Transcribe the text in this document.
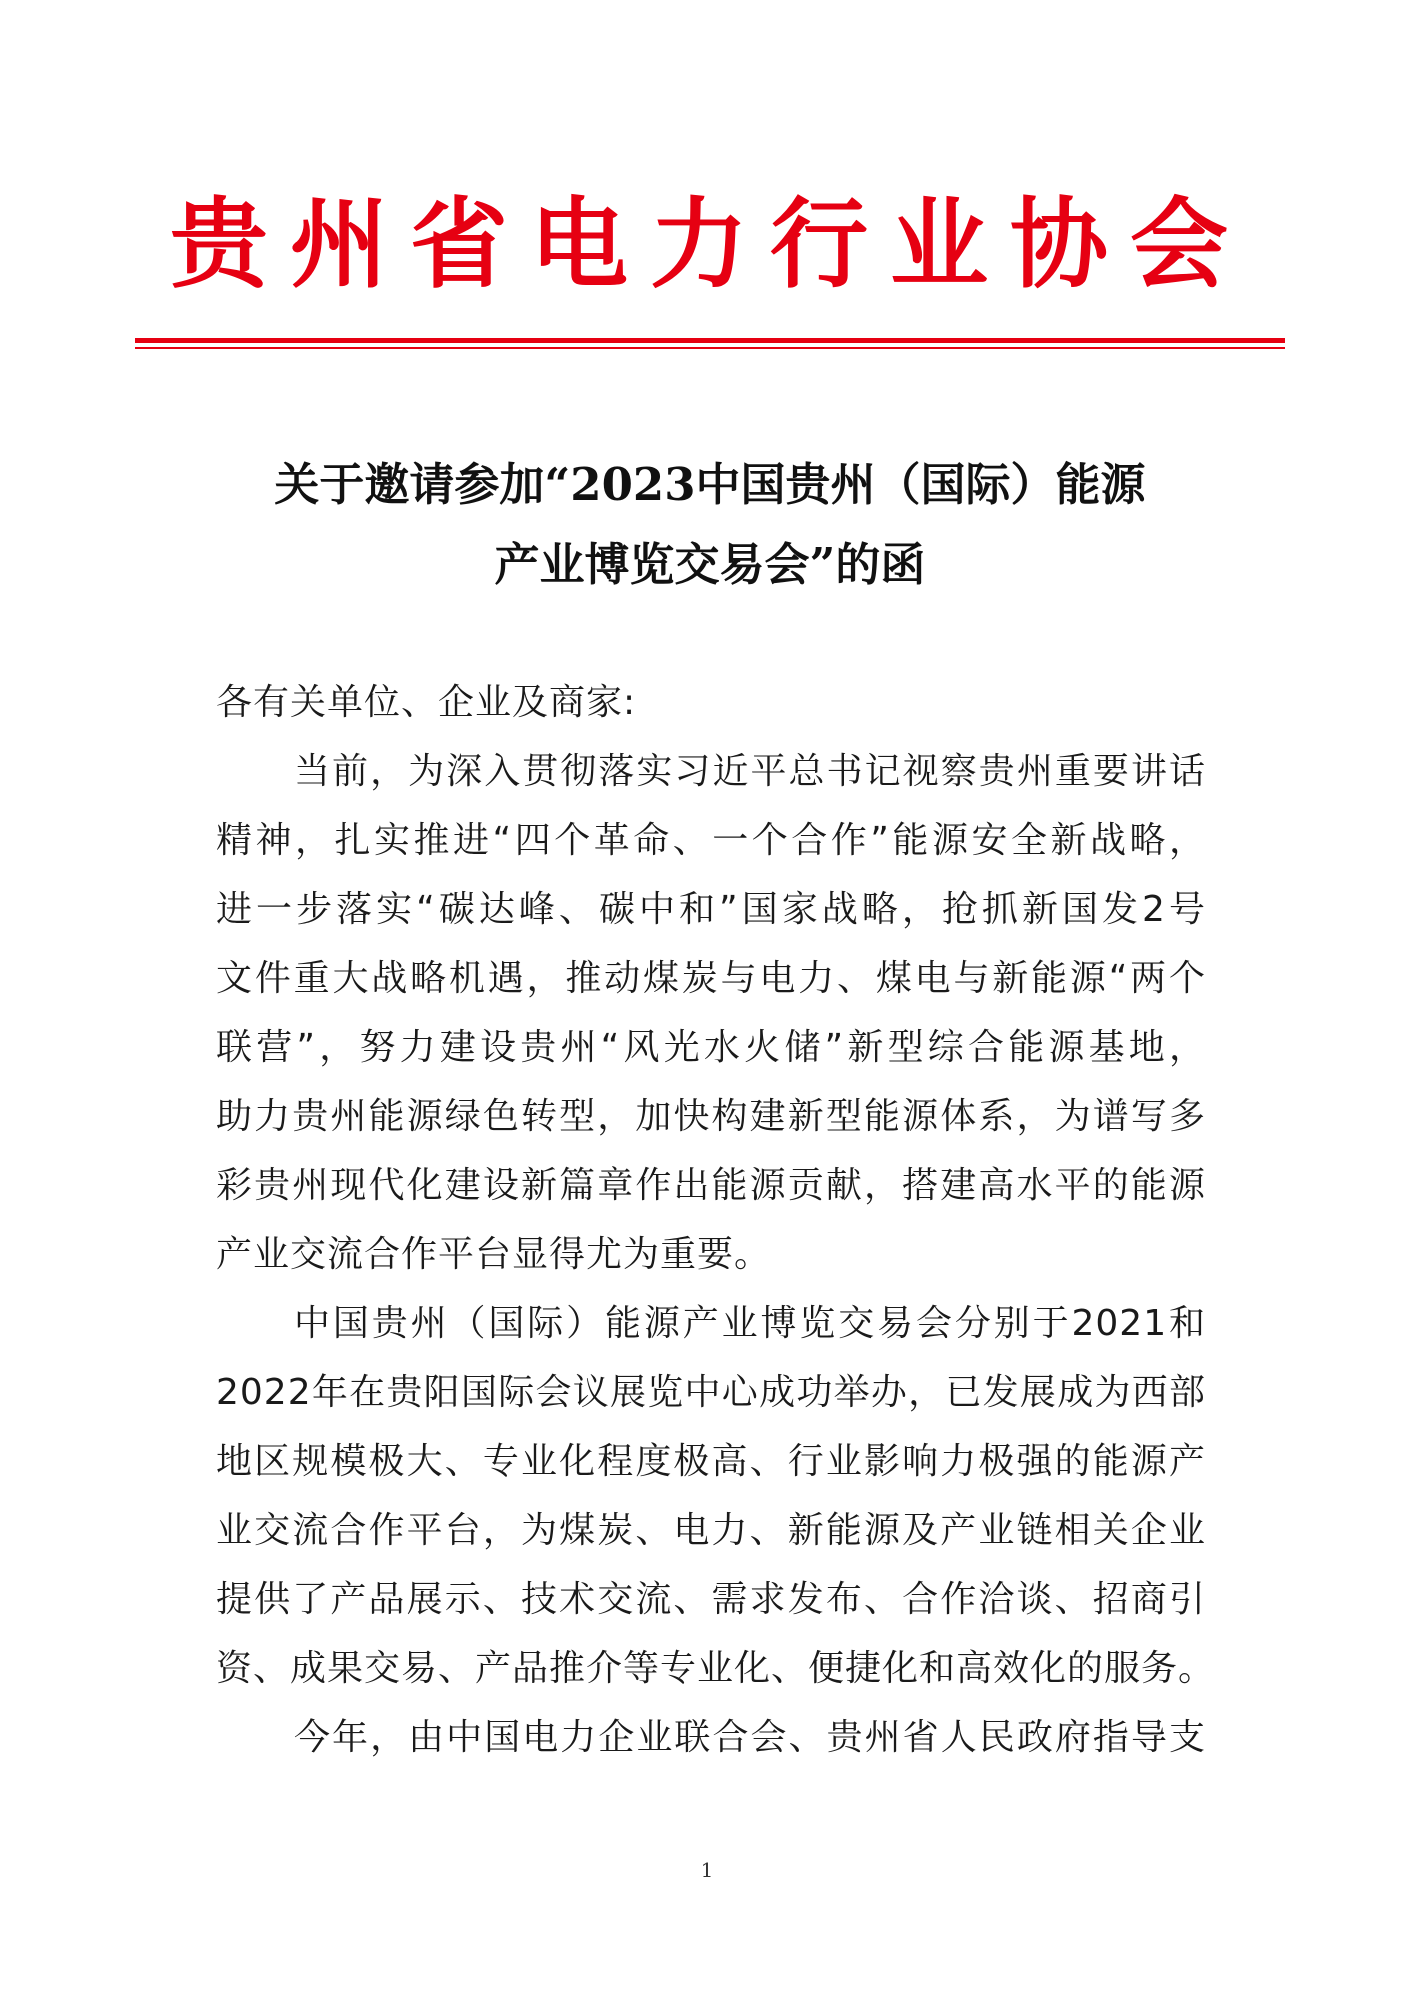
贵州省电力行业协会
关于邀请参加“2023中国贵州（国际）能源
产业博览交易会”的函
各有关单位、企业及商家:
当前，为深入贯彻落实习近平总书记视察贵州重要讲话
精神，扎实推进“四个革命、一个合作”能源安全新战略，
进一步落实“碳达峰、碳中和”国家战略，抢抓新国发2号
文件重大战略机遇，推动煤炭与电力、煤电与新能源“两个
联营”，努力建设贵州“风光水火储”新型综合能源基地，
助力贵州能源绿色转型，加快构建新型能源体系，为谱写多
彩贵州现代化建设新篇章作出能源贡献，搭建高水平的能源
产业交流合作平台显得尤为重要。
中国贵州（国际）能源产业博览交易会分别于2021和
2022年在贵阳国际会议展览中心成功举办，已发展成为西部
地区规模极大、专业化程度极高、行业影响力极强的能源产
业交流合作平台，为煤炭、电力、新能源及产业链相关企业
提供了产品展示、技术交流、需求发布、合作洽谈、招商引
资、成果交易、产品推介等专业化、便捷化和高效化的服务。
今年，由中国电力企业联合会、贵州省人民政府指导支
1
